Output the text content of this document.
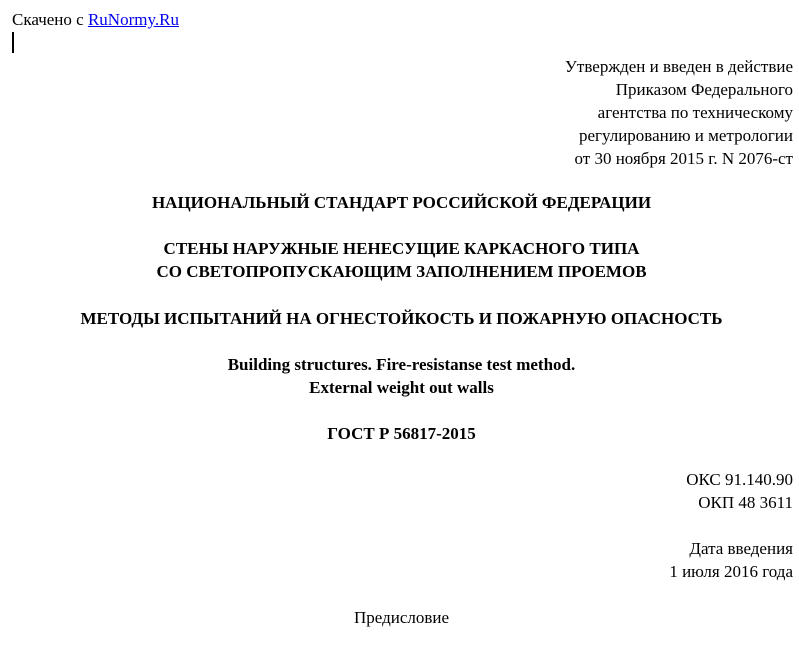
Скачено с RuNormy.Ru
Утвержден и введен в действие
Приказом Федерального
агентства по техническому
регулированию и метрологии
от 30 ноября 2015 г. N 2076-ст
НАЦИОНАЛЬНЫЙ СТАНДАРТ РОССИЙСКОЙ ФЕДЕРАЦИИ
СТЕНЫ НАРУЖНЫЕ НЕНЕСУЩИЕ КАРКАСНОГО ТИПА
СО СВЕТОПРОПУСКАЮЩИМ ЗАПОЛНЕНИЕМ ПРОЕМОВ
МЕТОДЫ ИСПЫТАНИЙ НА ОГНЕСТОЙКОСТЬ И ПОЖАРНУЮ ОПАСНОСТЬ
Building structures. Fire-resistanse test method.
External weight out walls
ГОСТ Р 56817-2015
ОКС 91.140.90
ОКП 48 3611
Дата введения
1 июля 2016 года
Предисловие
